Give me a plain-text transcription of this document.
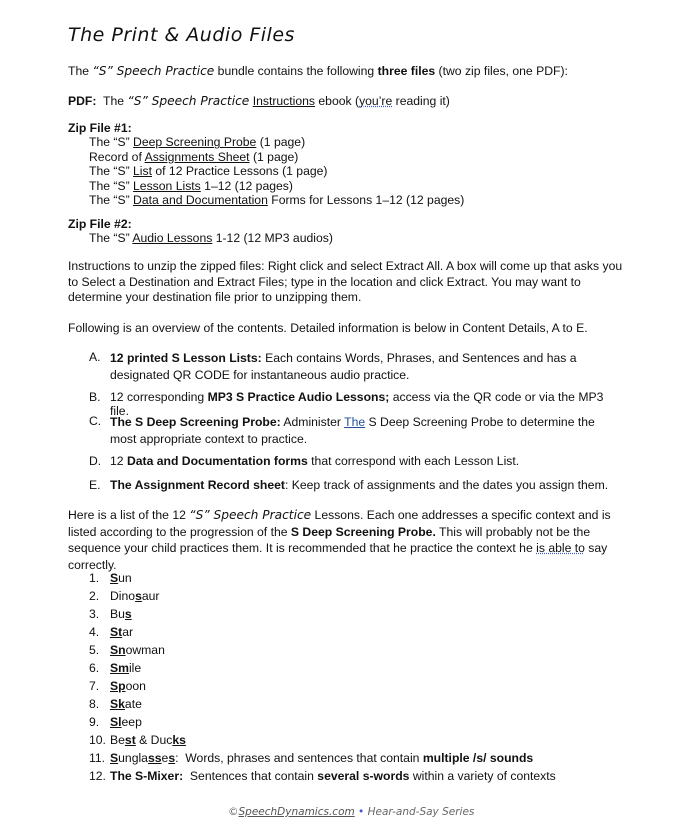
The Print & Audio Files
The “S” Speech Practice bundle contains the following three files (two zip files, one PDF):
PDF: The “S” Speech Practice Instructions ebook (you’re reading it)
Zip File #1:
The “S” Deep Screening Probe (1 page)
Record of Assignments Sheet (1 page)
The “S” List of 12 Practice Lessons (1 page)
The “S” Lesson Lists 1–12 (12 pages)
The “S” Data and Documentation Forms for Lessons 1–12 (12 pages)
Zip File #2:
The “S” Audio Lessons 1-12 (12 MP3 audios)
Instructions to unzip the zipped files: Right click and select Extract All. A box will come up that asks you to Select a Destination and Extract Files; type in the location and click Extract. You may want to determine your destination file prior to unzipping them.
Following is an overview of the contents. Detailed information is below in Content Details, A to E.
A. 12 printed S Lesson Lists: Each contains Words, Phrases, and Sentences and has a designated QR CODE for instantaneous audio practice.
B. 12 corresponding MP3 S Practice Audio Lessons; access via the QR code or via the MP3 file.
C. The S Deep Screening Probe: Administer The S Deep Screening Probe to determine the most appropriate context to practice.
D. 12 Data and Documentation forms that correspond with each Lesson List.
E. The Assignment Record sheet: Keep track of assignments and the dates you assign them.
Here is a list of the 12 “S” Speech Practice Lessons. Each one addresses a specific context and is listed according to the progression of the S Deep Screening Probe. This will probably not be the sequence your child practices them. It is recommended that he practice the context he is able to say correctly.
1. Sun
2. Dinosaur
3. Bus
4. Star
5. Snowman
6. Smile
7. Spoon
8. Skate
9. Sleep
10. Best & Ducks
11. Sunglasses:  Words, phrases and sentences that contain multiple /s/ sounds
12. The S-Mixer:  Sentences that contain several s-words within a variety of contexts
©SpeechDynamics.com • Hear-and-Say Series
